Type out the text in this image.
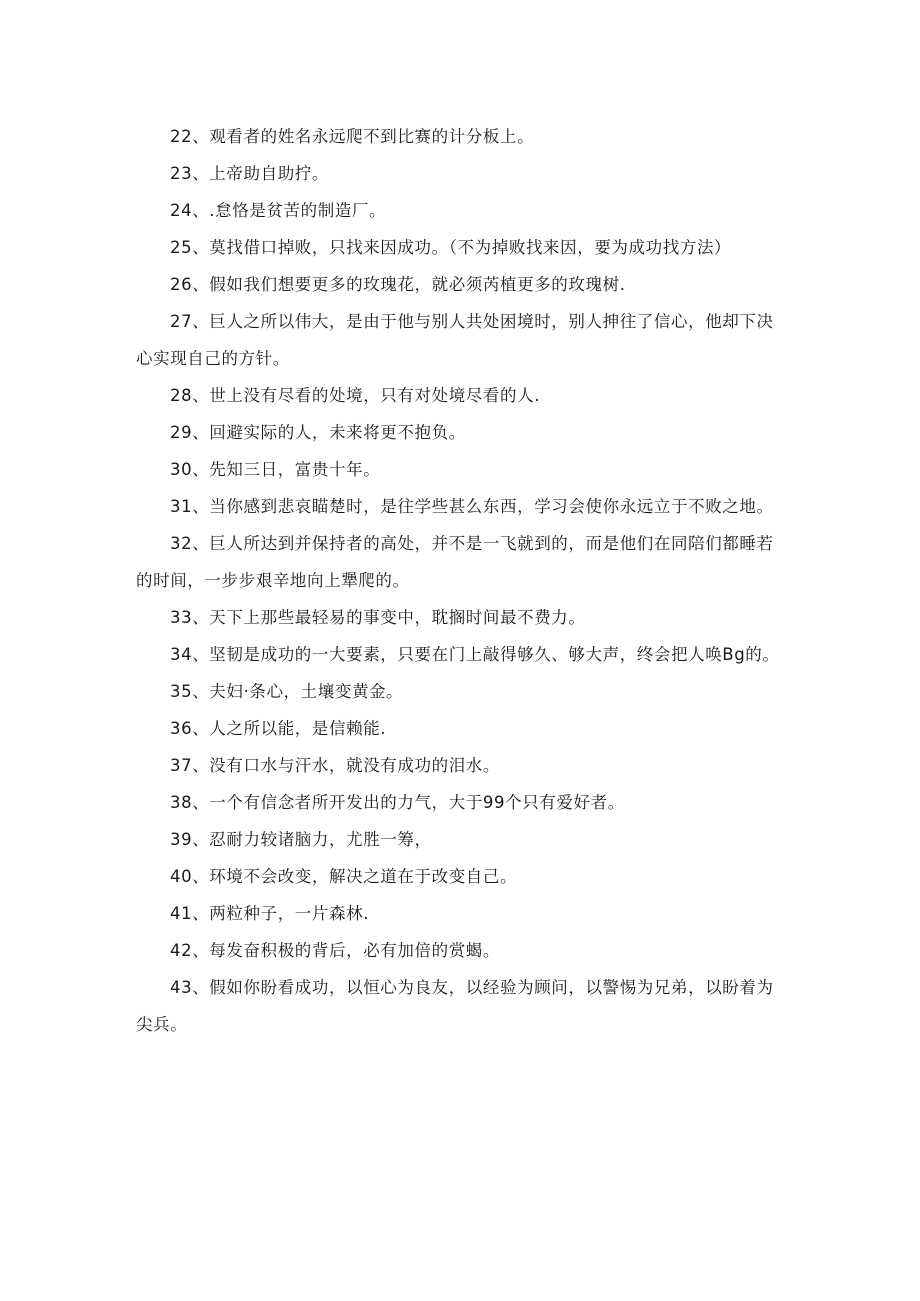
22、观看者的姓名永远爬不到比赛的计分板上。

23、上帝助自助拧。

24、.怠恪是贫苦的制造厂。

25、莫找借口掉败，只找来因成功。（不为掉败找来因，要为成功找方法）

26、假如我们想要更多的玫瑰花，就必须芮植更多的玫瑰树.

27、巨人之所以伟大，是由于他与别人共处困境时，别人抻往了信心，他却下决心实现自己的方针。

28、世上没有尽看的处境，只有对处境尽看的人.

29、回避实际的人，未来将更不抱负。

30、先知三日，富贵十年。

31、当你感到悲哀瞄楚时，是往学些甚么东西，学习会使你永远立于不败之地。

32、巨人所达到并保持者的高处，并不是一飞就到的，而是他们在同陪们都睡若的时间，一步步艰辛地向上犟爬的。

33、天下上那些最轻易的事变中，耽搁时间最不费力。

34、坚韧是成功的一大要素，只要在门上敲得够久、够大声，终会把人唤Bg的。

35、夫妇·条心，土壤变黄金。

36、人之所以能，是信赖能.

37、没有口水与汗水，就没有成功的泪水。

38、一个有信念者所开发出的力气，大于99个只有爱好者。

39、忍耐力较诸脑力，尤胜一筹，

40、环境不会改变，解决之道在于改变自己。

41、两粒种子，一片森林.

42、每发奋积极的背后，必有加倍的赏蝎。

43、假如你盼看成功，以恒心为良友，以经验为顾问，以警惕为兄弟，以盼着为尖兵。
